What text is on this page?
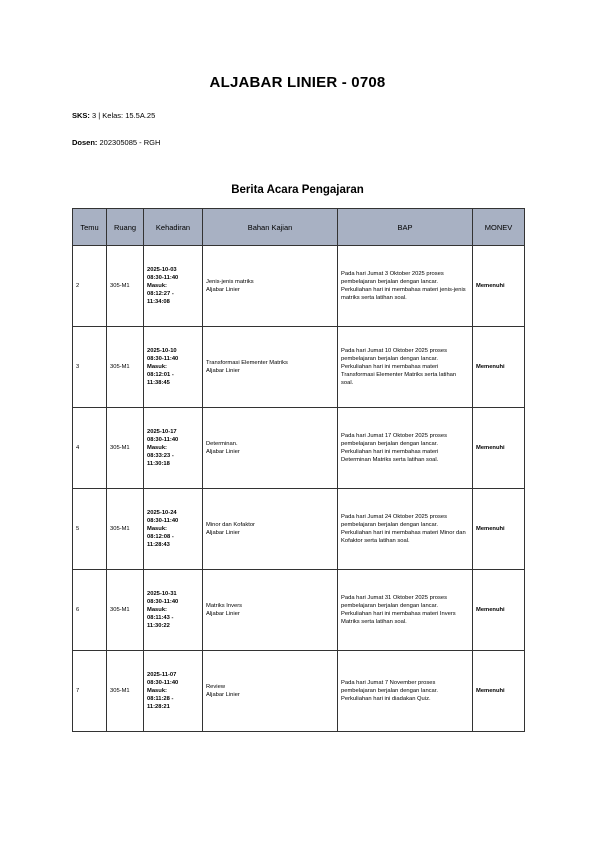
ALJABAR LINIER - 0708
SKS: 3 | Kelas: 15.5A.25
Dosen: 202305085 - RGH
Berita Acara Pengajaran
Temu	Ruang	Kehadiran	Bahan Kajian	BAP	MONEV
2	305-M1	2025-10-03
08:30-11:40
Masuk:
08:12:27 -
11:34:08	Jenis-jenis matriks
Aljabar Linier	Pada hari Jumat 3 Oktober 2025 proses pembelajaran berjalan dengan lancar. Perkuliahan hari ini membahas materi jenis-jenis matriks serta latihan soal.	Memenuhi
3	305-M1	2025-10-10
08:30-11:40
Masuk:
08:12:01 -
11:38:45	Transformasi Elementer Matriks
Aljabar Linier	Pada hari Jumat 10 Oktober 2025 proses pembelajaran berjalan dengan lancar. Perkuliahan hari ini membahas materi Transformasi Elementer Matriks serta latihan soal.	Memenuhi
4	305-M1	2025-10-17
08:30-11:40
Masuk:
08:33:23 -
11:30:18	Determinan.
Aljabar Linier	Pada hari Jumat 17 Oktober 2025 proses pembelajaran berjalan dengan lancar. Perkuliahan hari ini membahas materi Determinan Matriks serta latihan soal.	Memenuhi
5	305-M1	2025-10-24
08:30-11:40
Masuk:
08:12:08 -
11:28:43	Minor dan Kofaktor
Aljabar Linier	Pada hari Jumat 24 Oktober 2025 proses pembelajaran berjalan dengan lancar. Perkuliahan hari ini membahas materi Minor dan Kofaktor serta latihan soal.	Memenuhi
6	305-M1	2025-10-31
08:30-11:40
Masuk:
08:11:43 -
11:30:22	Matriks Invers
Aljabar Linier	Pada hari Jumat 31 Oktober 2025 proses pembelajaran berjalan dengan lancar. Perkuliahan hari ini membahas materi Invers Matriks serta latihan soal.	Memenuhi
7	305-M1	2025-11-07
08:30-11:40
Masuk:
08:11:28 -
11:28:21	Review
Aljabar Linier	Pada hari Jumat 7 November proses pembelajaran berjalan dengan lancar. Perkuliahan hari ini diadakan Quiz.	Memenuhi
